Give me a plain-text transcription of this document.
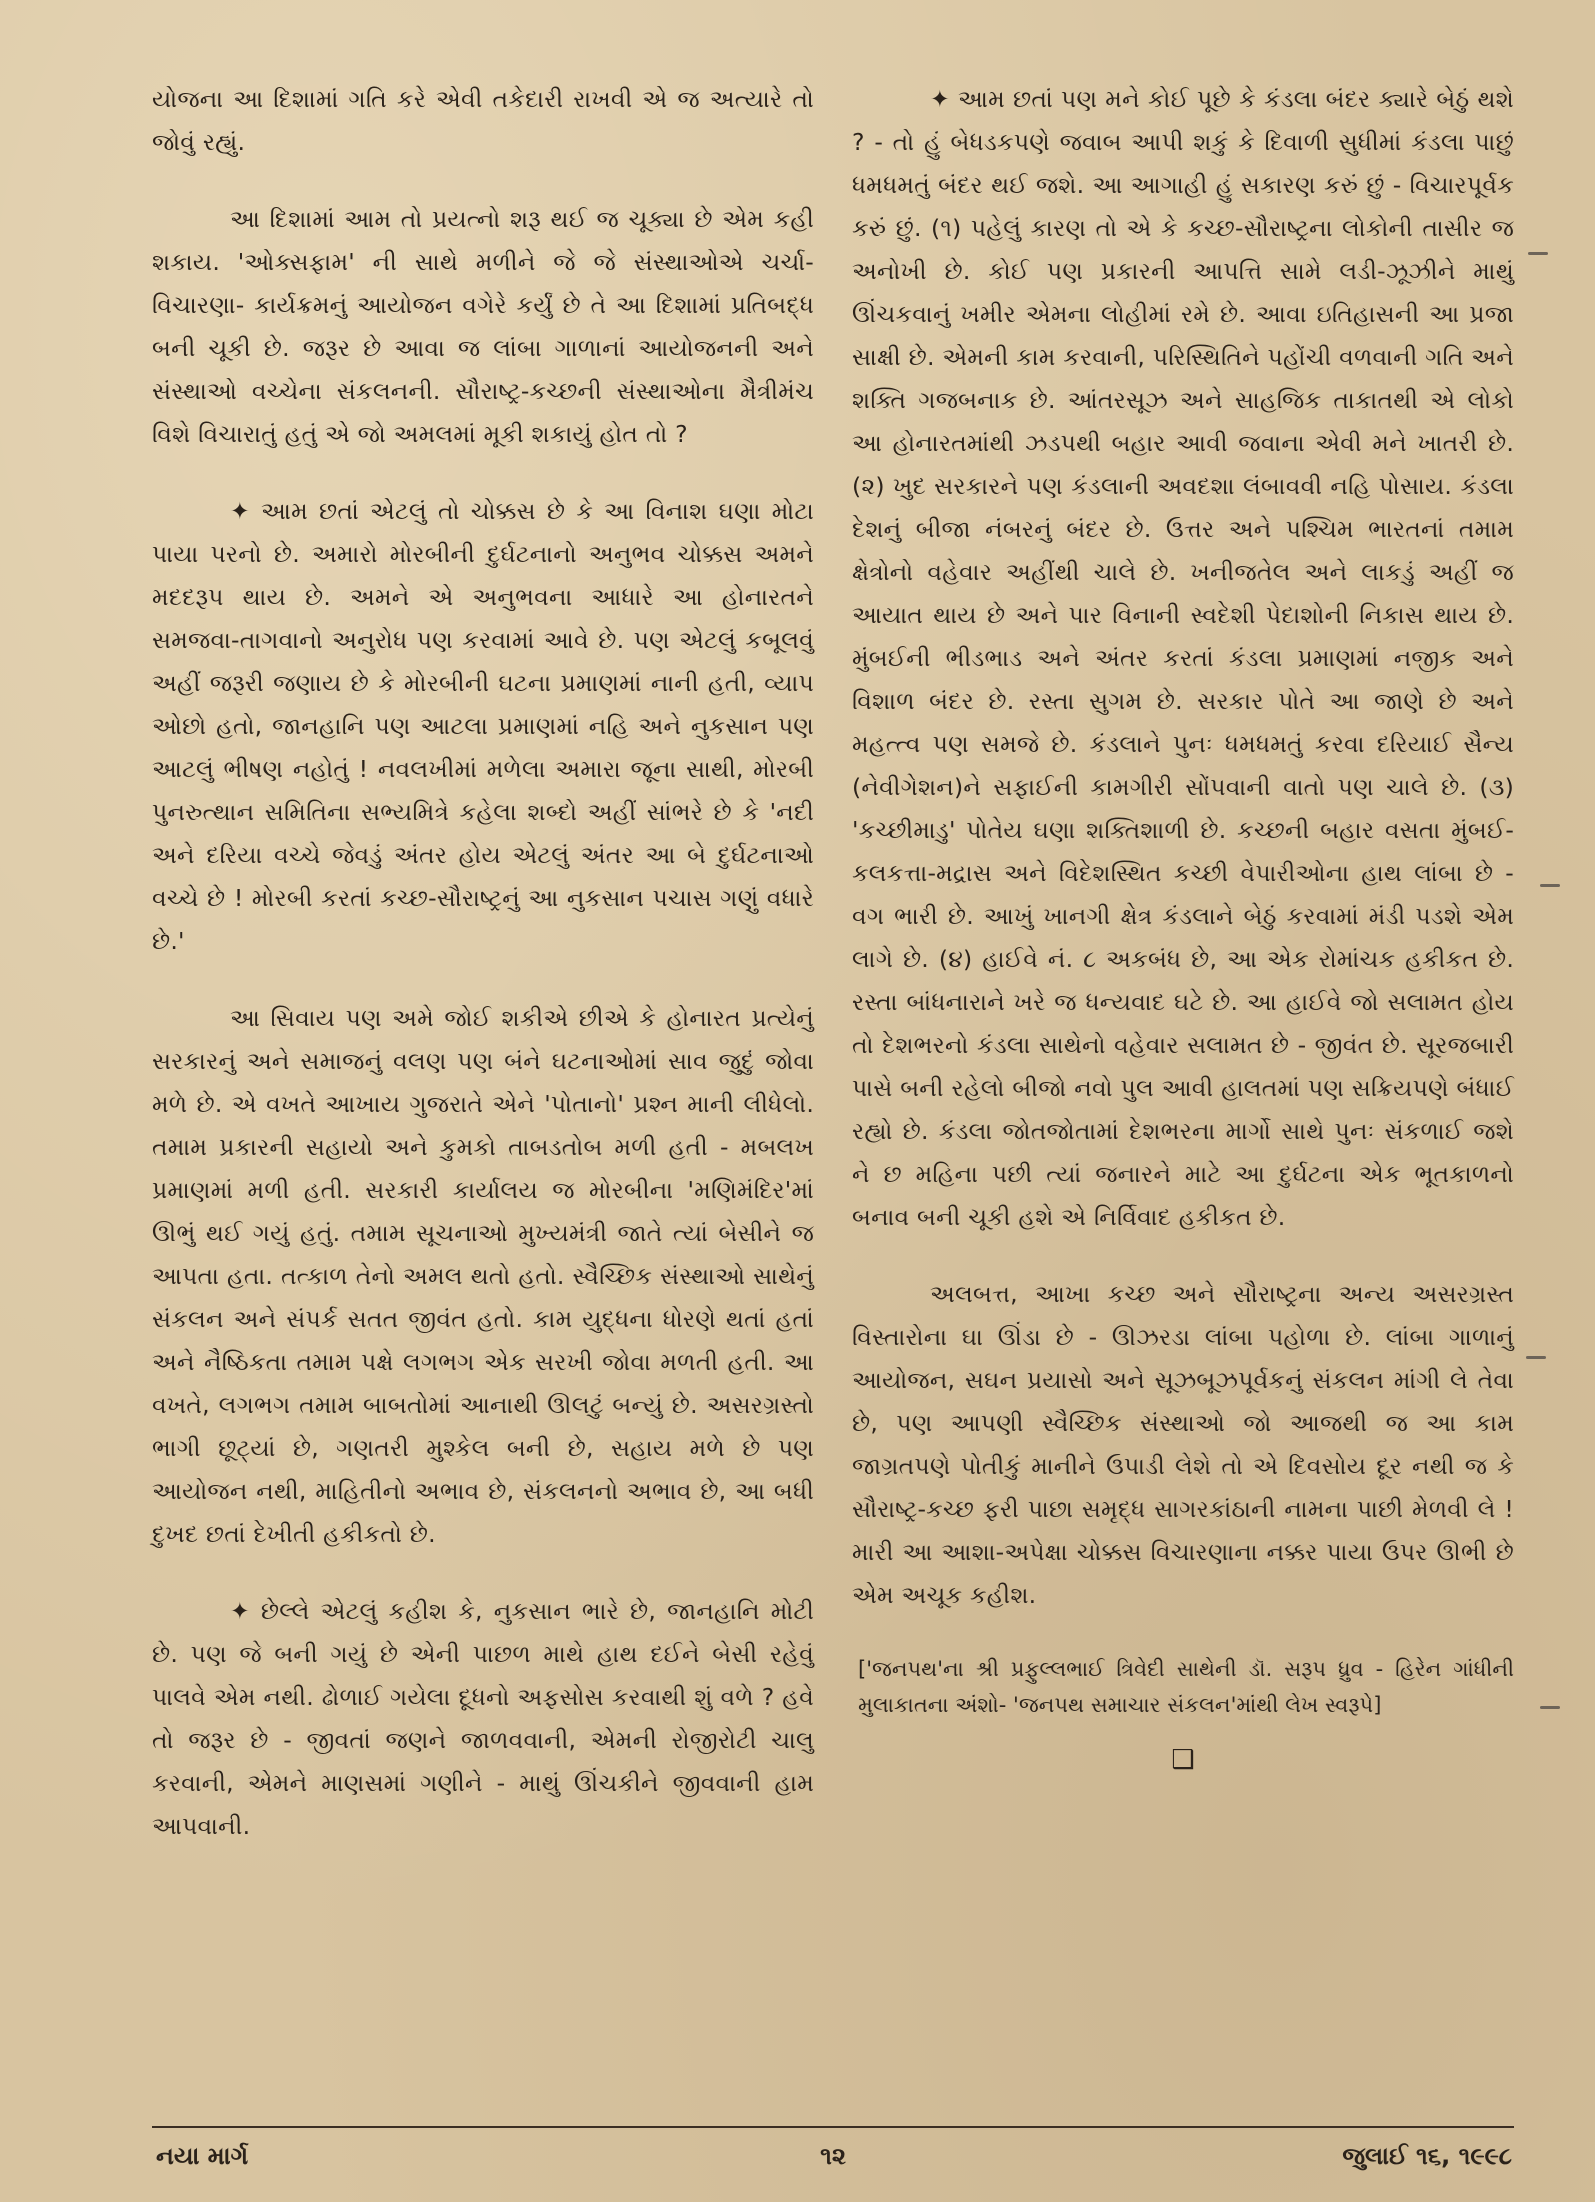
યોજના આ દિશામાં ગતિ કરે એવી તકેદારી રાખવી એ જ અત્યારે તો જોવું રહ્યું.

આ દિશામાં આમ તો પ્રયત્નો શરૂ થઈ જ ચૂક્યા છે એમ કહી શકાય. 'ઓક્સફામ' ની સાથે મળીને જે જે સંસ્થાઓએ ચર્ચા-વિચારણા- કાર્યક્રમનું આયોજન વગેરે કર્યું છે તે આ દિશામાં પ્રતિબદ્ધ બની ચૂકી છે. જરૂર છે આવા જ લાંબા ગાળાનાં આયોજનની અને સંસ્થાઓ વચ્ચેના સંકલનની. સૌરાષ્ટ્ર-કચ્છની સંસ્થાઓના મૈત્રીમંચ વિશે વિચારાતું હતું એ જો અમલમાં મૂકી શકાયું હોત તો ?

✦ આમ છતાં એટલું તો ચોક્કસ છે કે આ વિનાશ ઘણા મોટા પાયા પરનો છે. અમારો મોરબીની દુર્ઘટનાનો અનુભવ ચોક્કસ અમને મદદરૂપ થાય છે. અમને એ અનુભવના આધારે આ હોનારતને સમજવા-તાગવાનો અનુરોધ પણ કરવામાં આવે છે. પણ એટલું કબૂલવું અહીં જરૂરી જણાય છે કે મોરબીની ઘટના પ્રમાણમાં નાની હતી, વ્યાપ ઓછો હતો, જાનહાનિ પણ આટલા પ્રમાણમાં નહિ અને નુકસાન પણ આટલું ભીષણ નહોતું ! નવલખીમાં મળેલા અમારા જૂના સાથી, મોરબી પુનરુત્થાન સમિતિના સભ્યમિત્રે કહેલા શબ્દો અહીં સાંભરે છે કે 'નદી અને દરિયા વચ્ચે જેવડું અંતર હોય એટલું અંતર આ બે દુર્ઘટનાઓ વચ્ચે છે ! મોરબી કરતાં કચ્છ-સૌરાષ્ટ્રનું આ નુકસાન પચાસ ગણું વધારે છે.'

આ સિવાય પણ અમે જોઈ શકીએ છીએ કે હોનારત પ્રત્યેનું સરકારનું અને સમાજનું વલણ પણ બંને ઘટનાઓમાં સાવ જુદું જોવા મળે છે. એ વખતે આખાય ગુજરાતે એને 'પોતાનો' પ્રશ્ન માની લીધેલો. તમામ પ્રકારની સહાયો અને કુમકો તાબડતોબ મળી હતી - મબલખ પ્રમાણમાં મળી હતી. સરકારી કાર્યાલય જ મોરબીના 'મણિમંદિર'માં ઊભું થઈ ગયું હતું. તમામ સૂચનાઓ મુખ્યમંત્રી જાતે ત્યાં બેસીને જ આપતા હતા. તત્કાળ તેનો અમલ થતો હતો. સ્વૈચ્છિક સંસ્થાઓ સાથેનું સંકલન અને સંપર્ક સતત જીવંત હતો. કામ યુદ્ધના ધોરણે થતાં હતાં અને નૈષ્ઠિકતા તમામ પક્ષે લગભગ એક સરખી જોવા મળતી હતી. આ વખતે, લગભગ તમામ બાબતોમાં આનાથી ઊલટું બન્યું છે. અસરગ્રસ્તો ભાગી છૂટ્યાં છે, ગણતરી મુશ્કેલ બની છે, સહાય મળે છે પણ આયોજન નથી, માહિતીનો અભાવ છે, સંકલનનો અભાવ છે, આ બધી દુખદ છતાં દેખીતી હકીકતો છે.

✦ છેલ્લે એટલું કહીશ કે, નુકસાન ભારે છે, જાનહાનિ મોટી છે. પણ જે બની ગયું છે એની પાછળ માથે હાથ દઈને બેસી રહેવું પાલવે એમ નથી. ઢોળાઈ ગયેલા દૂધનો અફસોસ કરવાથી શું વળે ? હવે તો જરૂર છે - જીવતાં જણને જાળવવાની, એમની રોજીરોટી ચાલુ કરવાની, એમને માણસમાં ગણીને - માથું ઊંચકીને જીવવાની હામ આપવાની.

✦ આમ છતાં પણ મને કોઈ પૂછે કે કંડલા બંદર ક્યારે બેઠું થશે ? - તો હું બેધડકપણે જવાબ આપી શકું કે દિવાળી સુધીમાં કંડલા પાછું ધમધમતું બંદર થઈ જશે. આ આગાહી હું સકારણ કરું છું - વિચારપૂર્વક કરું છું. (૧) પહેલું કારણ તો એ કે કચ્છ-સૌરાષ્ટ્રના લોકોની તાસીર જ અનોખી છે. કોઈ પણ પ્રકારની આપત્તિ સામે લડી-ઝૂઝીને માથું ઊંચકવાનું ખમીર એમના લોહીમાં રમે છે. આવા ઇતિહાસની આ પ્રજા સાક્ષી છે. એમની કામ કરવાની, પરિસ્થિતિને પહોંચી વળવાની ગતિ અને શક્તિ ગજબનાક છે. આંતરસૂઝ અને સાહજિક તાકાતથી એ લોકો આ હોનારતમાંથી ઝડપથી બહાર આવી જવાના એવી મને ખાતરી છે. (૨) ખુદ સરકારને પણ કંડલાની અવદશા લંબાવવી નહિ પોસાય. કંડલા દેશનું બીજા નંબરનું બંદર છે. ઉત્તર અને પશ્ચિમ ભારતનાં તમામ ક્ષેત્રોનો વહેવાર અહીંથી ચાલે છે. ખનીજતેલ અને લાકડું અહીં જ આયાત થાય છે અને પાર વિનાની સ્વદેશી પેદાશોની નિકાસ થાય છે. મુંબઈની ભીડભાડ અને અંતર કરતાં કંડલા પ્રમાણમાં નજીક અને વિશાળ બંદર છે. રસ્તા સુગમ છે. સરકાર પોતે આ જાણે છે અને મહત્ત્વ પણ સમજે છે. કંડલાને પુનઃ ધમધમતું કરવા દરિયાઈ સૈન્ય (નેવીગેશન)ને સફાઈની કામગીરી સોંપવાની વાતો પણ ચાલે છે. (૩) 'કચ્છીમાડુ' પોતેય ઘણા શક્તિશાળી છે. કચ્છની બહાર વસતા મુંબઈ-કલકત્તા-મદ્રાસ અને વિદેશસ્થિત કચ્છી વેપારીઓના હાથ લાંબા છે - વગ ભારી છે. આખું ખાનગી ક્ષેત્ર કંડલાને બેઠું કરવામાં મંડી પડશે એમ લાગે છે. (૪) હાઈવે નં. ૮ અકબંધ છે, આ એક રોમાંચક હકીકત છે. રસ્તા બાંધનારાને ખરે જ ધન્યવાદ ઘટે છે. આ હાઈવે જો સલામત હોય તો દેશભરનો કંડલા સાથેનો વહેવાર સલામત છે - જીવંત છે. સૂરજબારી પાસે બની રહેલો બીજો નવો પુલ આવી હાલતમાં પણ સક્રિયપણે બંધાઈ રહ્યો છે. કંડલા જોતજોતામાં દેશભરના માર્ગો સાથે પુનઃ સંકળાઈ જશે ને છ મહિના પછી ત્યાં જનારને માટે આ દુર્ઘટના એક ભૂતકાળનો બનાવ બની ચૂકી હશે એ નિર્વિવાદ હકીકત છે.

અલબત્ત, આખા કચ્છ અને સૌરાષ્ટ્રના અન્ય અસરગ્રસ્ત વિસ્તારોના ઘા ઊંડા છે - ઊઝરડા લાંબા પહોળા છે. લાંબા ગાળાનું આયોજન, સઘન પ્રયાસો અને સૂઝબૂઝપૂર્વકનું સંકલન માંગી લે તેવા છે, પણ આપણી સ્વૈચ્છિક સંસ્થાઓ જો આજથી જ આ કામ જાગ્રતપણે પોતીકું માનીને ઉપાડી લેશે તો એ દિવસોય દૂર નથી જ કે સૌરાષ્ટ્ર-કચ્છ ફરી પાછા સમૃદ્ધ સાગરકાંઠાની નામના પાછી મેળવી લે ! મારી આ આશા-અપેક્ષા ચોક્કસ વિચારણાના નક્કર પાયા ઉપર ઊભી છે એમ અચૂક કહીશ.

['જનપથ'ના શ્રી પ્રફુલ્લભાઈ ત્રિવેદી સાથેની ડૉ. સરૂપ ધ્રુવ - હિરેન ગાંધીની મુલાકાતના અંશો- 'જનપથ સમાચાર સંકલન'માંથી લેખ સ્વરૂપે]

❑
નયા માર્ગ	૧૨	જુલાઈ ૧૬, ૧૯૯૮
